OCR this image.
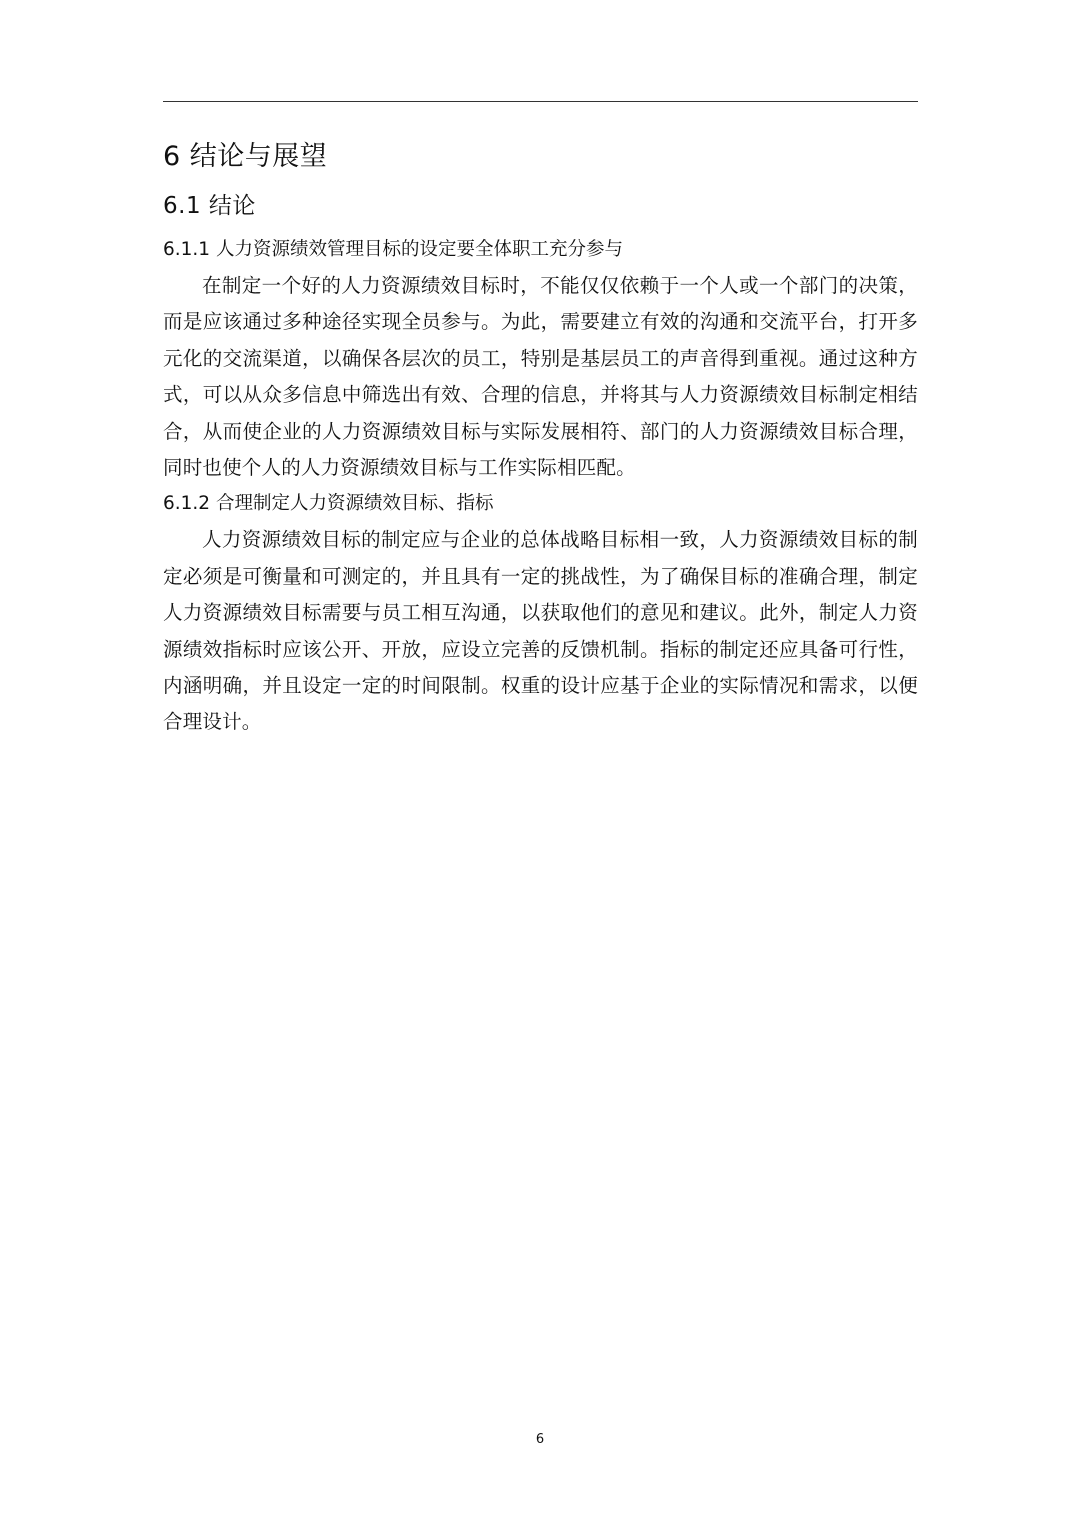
6 结论与展望
6.1 结论
6.1.1 人力资源绩效管理目标的设定要全体职工充分参与

在制定一个好的人力资源绩效目标时，不能仅仅依赖于一个人或一个部门的决策，而是应该通过多种途径实现全员参与。为此，需要建立有效的沟通和交流平台，打开多元化的交流渠道，以确保各层次的员工，特别是基层员工的声音得到重视。通过这种方式，可以从众多信息中筛选出有效、合理的信息，并将其与人力资源绩效目标制定相结合，从而使企业的人力资源绩效目标与实际发展相符、部门的人力资源绩效目标合理，同时也使个人的人力资源绩效目标与工作实际相匹配。

6.1.2 合理制定人力资源绩效目标、指标

人力资源绩效目标的制定应与企业的总体战略目标相一致，人力资源绩效目标的制定必须是可衡量和可测定的，并且具有一定的挑战性，为了确保目标的准确合理，制定人力资源绩效目标需要与员工相互沟通，以获取他们的意见和建议。此外，制定人力资源绩效指标时应该公开、开放，应设立完善的反馈机制。指标的制定还应具备可行性，内涵明确，并且设定一定的时间限制。权重的设计应基于企业的实际情况和需求，以便合理设计。

6
